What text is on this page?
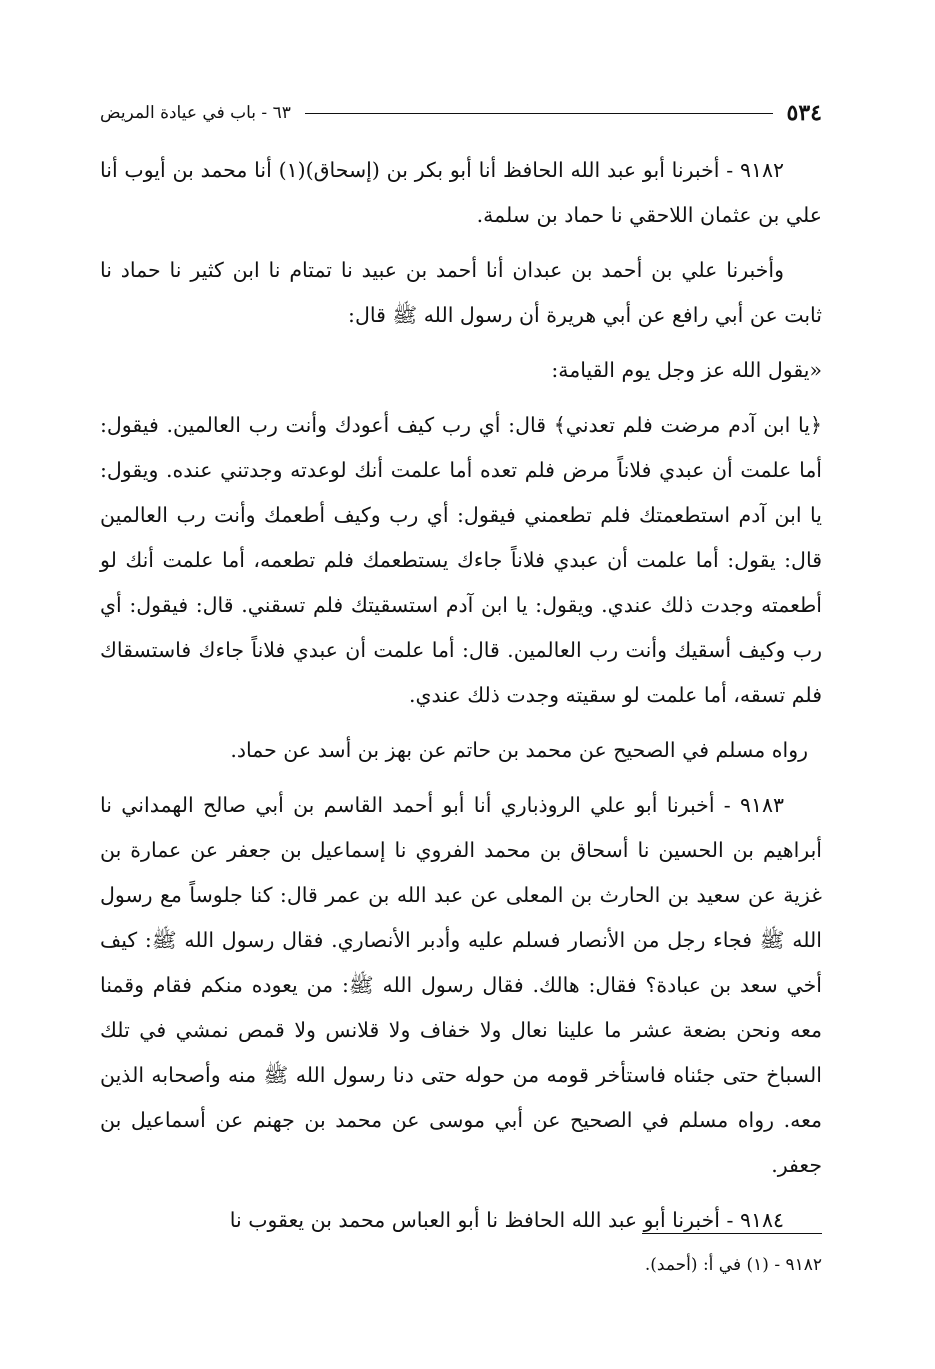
٥٣٤
٦٣ - باب في عيادة المريض

٩١٨٢ - أخبرنا أبو عبد الله الحافظ أنا أبو بكر بن (إسحاق)(١) أنا محمد بن أيوب أنا علي بن عثمان اللاحقي نا حماد بن سلمة.

وأخبرنا علي بن أحمد بن عبدان أنا أحمد بن عبيد نا تمتام نا ابن كثير نا حماد نا ثابت عن أبي رافع عن أبي هريرة أن رسول الله ﷺ قال:

«يقول الله عز وجل يوم القيامة:

﴿يا ابن آدم مرضت فلم تعدني﴾ قال: أي رب كيف أعودك وأنت رب العالمين. فيقول: أما علمت أن عبدي فلاناً مرض فلم تعده أما علمت أنك لوعدته وجدتني عنده. ويقول: يا ابن آدم استطعمتك فلم تطعمني فيقول: أي رب وكيف أطعمك وأنت رب العالمين قال: يقول: أما علمت أن عبدي فلاناً جاءك يستطعمك فلم تطعمه، أما علمت أنك لو أطعمته وجدت ذلك عندي. ويقول: يا ابن آدم استسقيتك فلم تسقني. قال: فيقول: أي رب وكيف أسقيك وأنت رب العالمين. قال: أما علمت أن عبدي فلاناً جاءك فاستسقاك فلم تسقه، أما علمت لو سقيته وجدت ذلك عندي.

رواه مسلم في الصحيح عن محمد بن حاتم عن بهز بن أسد عن حماد.

٩١٨٣ - أخبرنا أبو علي الروذباري أنا أبو أحمد القاسم بن أبي صالح الهمداني نا أبراهيم بن الحسين نا أسحاق بن محمد الفروي نا إسماعيل بن جعفر عن عمارة بن غزية عن سعيد بن الحارث بن المعلى عن عبد الله بن عمر قال: كنا جلوساً مع رسول الله ﷺ فجاء رجل من الأنصار فسلم عليه وأدبر الأنصاري. فقال رسول الله ﷺ: كيف أخي سعد بن عبادة؟ فقال: هالك. فقال رسول الله ﷺ: من يعوده منكم فقام وقمنا معه ونحن بضعة عشر ما علينا نعال ولا خفاف ولا قلانس ولا قمص نمشي في تلك السباخ حتى جئناه فاستأخر قومه من حوله حتى دنا رسول الله ﷺ منه وأصحابه الذين معه. رواه مسلم في الصحيح عن أبي موسى عن محمد بن جهنم عن أسماعيل بن جعفر.

٩١٨٤ - أخبرنا أبو عبد الله الحافظ نا أبو العباس محمد بن يعقوب نا

٩١٨٢ - (١) في أ: (أحمد).
